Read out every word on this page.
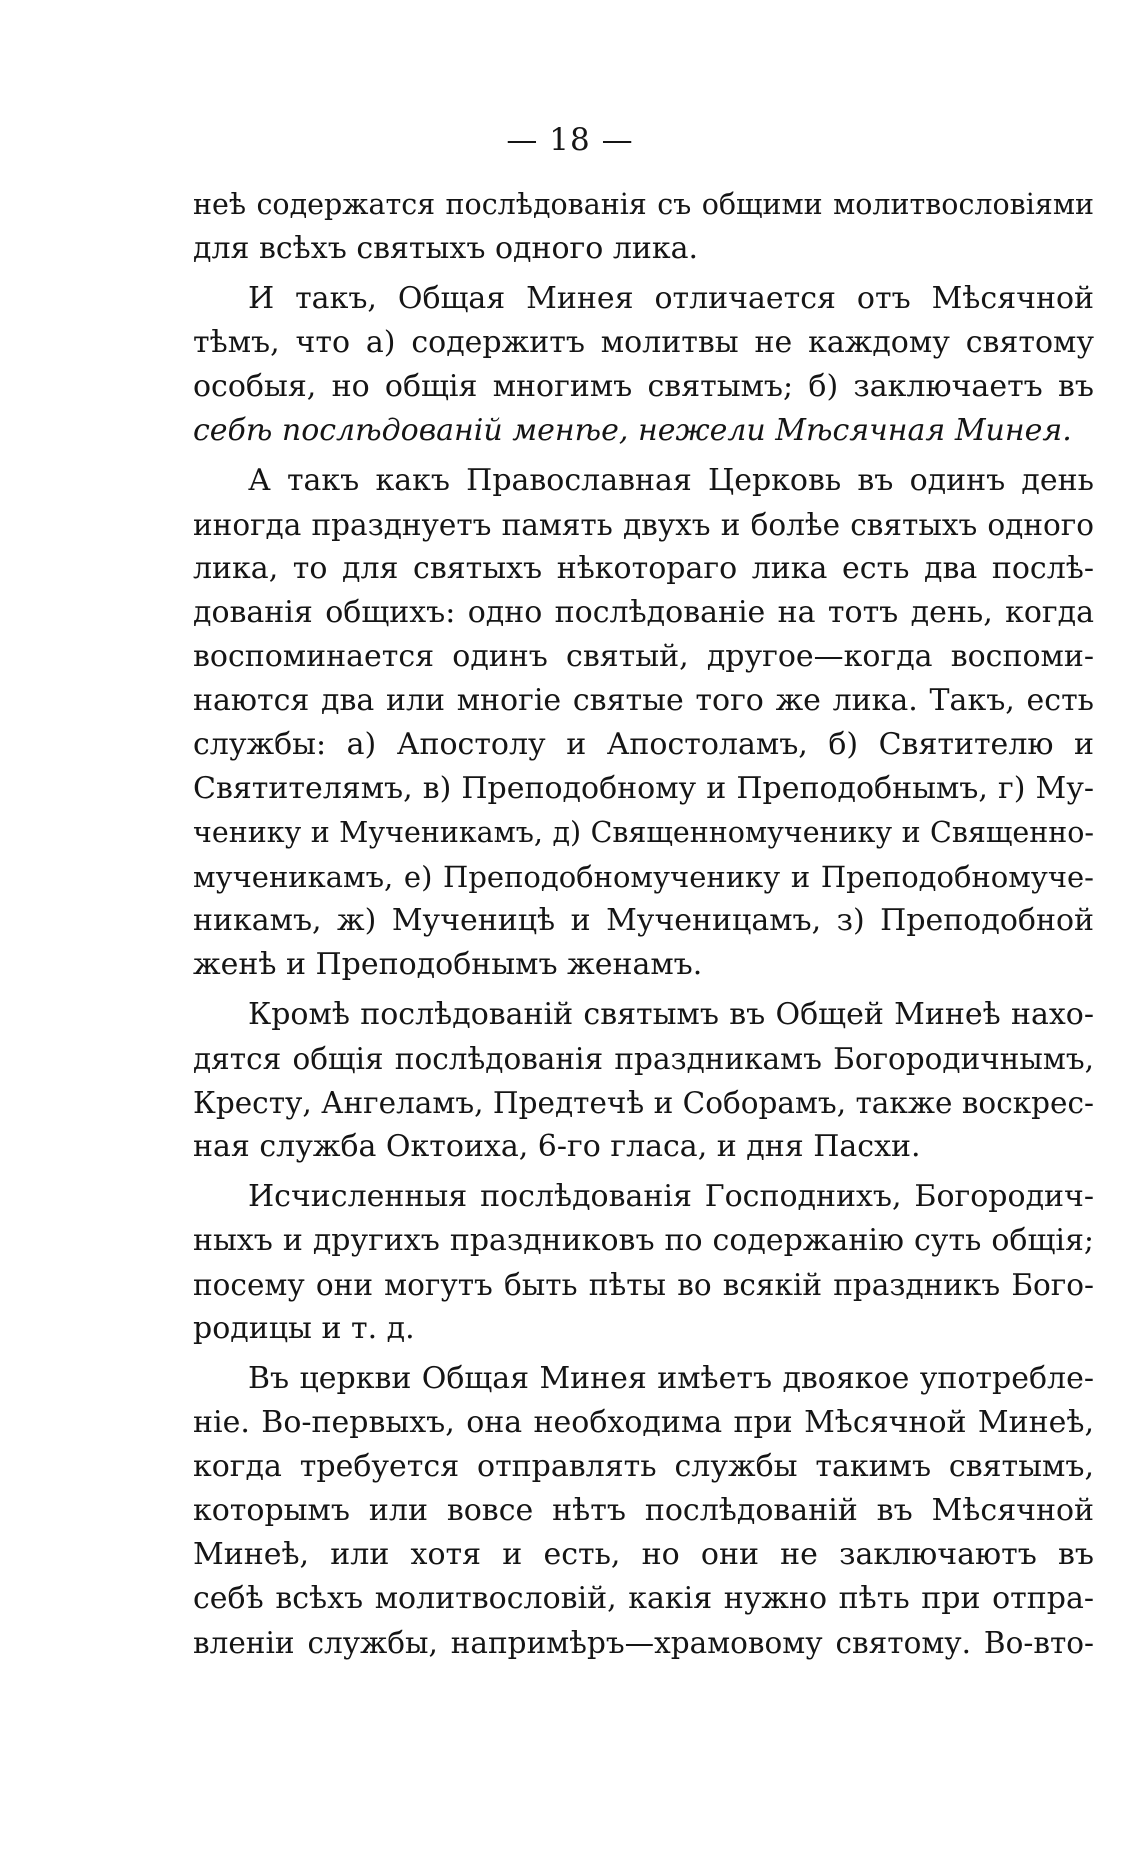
— 18 —
неѣ содержатся послѣдованія съ общими молитвословіями
для всѣхъ святыхъ одного лика.
И такъ, Общая Минея отличается отъ Мѣсячной
тѣмъ, что а) содержитъ молитвы не каждому святому
особыя, но общія многимъ святымъ; б) заключаетъ въ
себѣ послѣдованій менѣе, нежели Мѣсячная Минея.
А такъ какъ Православная Церковь въ одинъ день
иногда празднуетъ память двухъ и болѣе святыхъ одного
лика, то для святыхъ нѣкотораго лика есть два послѣ-
дованія общихъ: одно послѣдованіе на тотъ день, когда
воспоминается одинъ святый, другое—когда воспоми-
наются два или многіе святые того же лика. Такъ, есть
службы: а) Апостолу и Апостоламъ, б) Святителю и
Святителямъ, в) Преподобному и Преподобнымъ, г) Му-
ченику и Мученикамъ, д) Священномученику и Священно-
мученикамъ, е) Преподобномученику и Преподобномуче-
никамъ, ж) Мученицѣ и Мученицамъ, з) Преподобной
женѣ и Преподобнымъ женамъ.
Кромѣ послѣдованій святымъ въ Общей Минеѣ нахо-
дятся общія послѣдованія праздникамъ Богородичнымъ,
Кресту, Ангеламъ, Предтечѣ и Соборамъ, также воскрес-
ная служба Октоиха, 6-го гласа, и дня Пасхи.
Исчисленныя послѣдованія Господнихъ, Богородич-
ныхъ и другихъ праздниковъ по содержанію суть общія;
посему они могутъ быть пѣты во всякій праздникъ Бого-
родицы и т. д.
Въ церкви Общая Минея имѣетъ двоякое употребле-
ніе. Во-первыхъ, она необходима при Мѣсячной Минеѣ,
когда требуется отправлять службы такимъ святымъ,
которымъ или вовсе нѣтъ послѣдованій въ Мѣсячной
Минеѣ, или хотя и есть, но они не заключаютъ въ
себѣ всѣхъ молитвословій, какія нужно пѣть при отпра-
вленіи службы, напримѣръ—храмовому святому. Во-вто-
